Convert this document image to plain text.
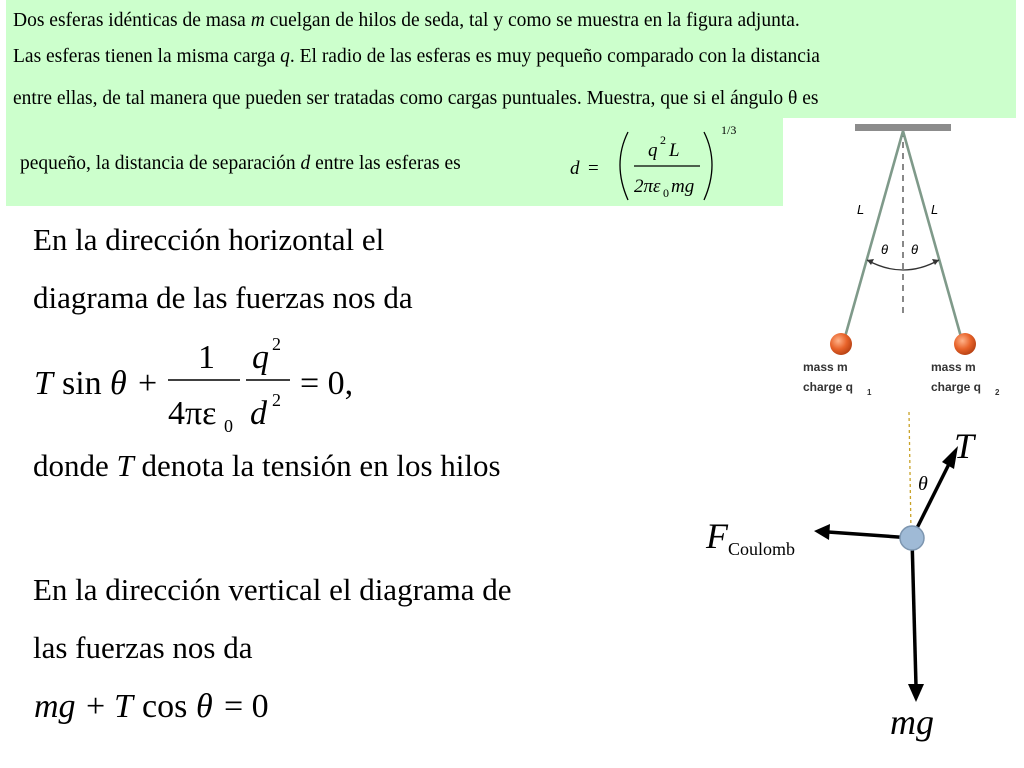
Dos esferas idénticas de masa m cuelgan de hilos de seda, tal y como se muestra en la figura adjunta.
Las esferas tienen la misma carga q. El radio de las esferas es muy pequeño comparado con la distancia
entre ellas, de tal manera que pueden ser tratadas como cargas puntuales. Muestra, que si el ángulo θ es
pequeño, la distancia de separación d entre las esferas es	d =
q 2 L
2πε 0 mg
1/3
En la dirección horizontal el
diagrama de las fuerzas nos da
T sin θ +
1
4πε 0
q 2
d 2 = 0,
donde T denota la tensión en los hilos
En la dirección vertical el diagrama de
las fuerzas nos da
mg + T cos θ = 0
L	L
θ θ
mass m
charge q 1
mass m
charge q 2
T
θ
F Coulomb
mg
